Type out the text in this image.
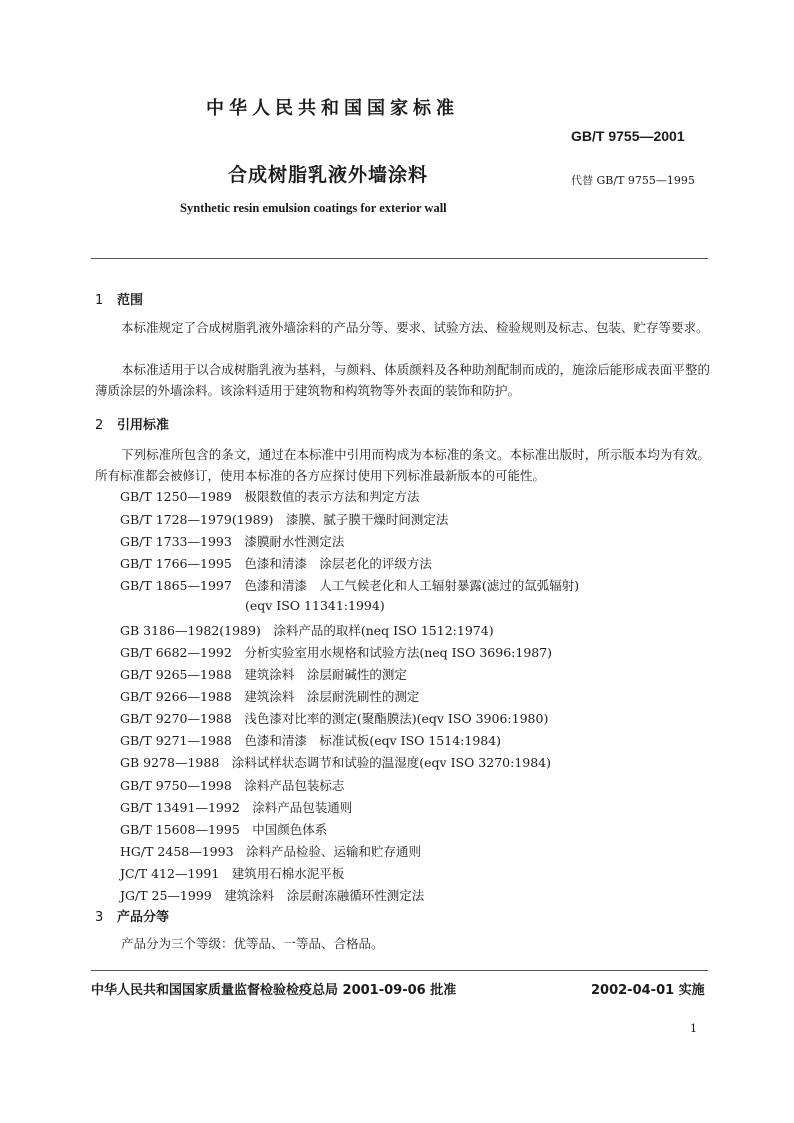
中华人民共和国国家标准
GB/T 9755—2001
合成树脂乳液外墙涂料	代替 GB/T 9755—1995
Synthetic resin emulsion coatings for exterior wall
1 范围
本标准规定了合成树脂乳液外墙涂料的产品分等、要求、试验方法、检验规则及标志、包装、贮存等要求。
本标准适用于以合成树脂乳液为基料，与颜料、体质颜料及各种助剂配制而成的，施涂后能形成表面平整的薄质涂层的外墙涂料。该涂料适用于建筑物和构筑物等外表面的装饰和防护。
2 引用标准
下列标准所包含的条文，通过在本标准中引用而构成为本标准的条文。本标准出版时，所示版本均为有效。所有标准都会被修订，使用本标准的各方应探讨使用下列标准最新版本的可能性。
GB/T 1250—1989　极限数值的表示方法和判定方法
GB/T 1728—1979(1989)　漆膜、腻子膜干燥时间测定法
GB/T 1733—1993　漆膜耐水性测定法
GB/T 1766—1995　色漆和清漆　涂层老化的评级方法
GB/T 1865—1997　色漆和清漆　人工气候老化和人工辐射暴露(滤过的氙弧辐射)
(eqv ISO 11341:1994)
GB 3186—1982(1989)　涂料产品的取样(neq ISO 1512:1974)
GB/T 6682—1992　分析实验室用水规格和试验方法(neq ISO 3696:1987)
GB/T 9265—1988　建筑涂料　涂层耐碱性的测定
GB/T 9266—1988　建筑涂料　涂层耐洗刷性的测定
GB/T 9270—1988　浅色漆对比率的测定(聚酯膜法)(eqv ISO 3906:1980)
GB/T 9271—1988　色漆和清漆　标准试板(eqv ISO 1514:1984)
GB 9278—1988　涂料试样状态调节和试验的温湿度(eqv ISO 3270:1984)
GB/T 9750—1998　涂料产品包装标志
GB/T 13491—1992　涂料产品包装通则
GB/T 15608—1995　中国颜色体系
HG/T 2458—1993　涂料产品检验、运输和贮存通则
JC/T 412—1991　建筑用石棉水泥平板
JG/T 25—1999　建筑涂料　涂层耐冻融循环性测定法
3 产品分等
产品分为三个等级：优等品、一等品、合格品。
中华人民共和国国家质量监督检验检疫总局 2001-09-06 批准	2002-04-01 实施
1
